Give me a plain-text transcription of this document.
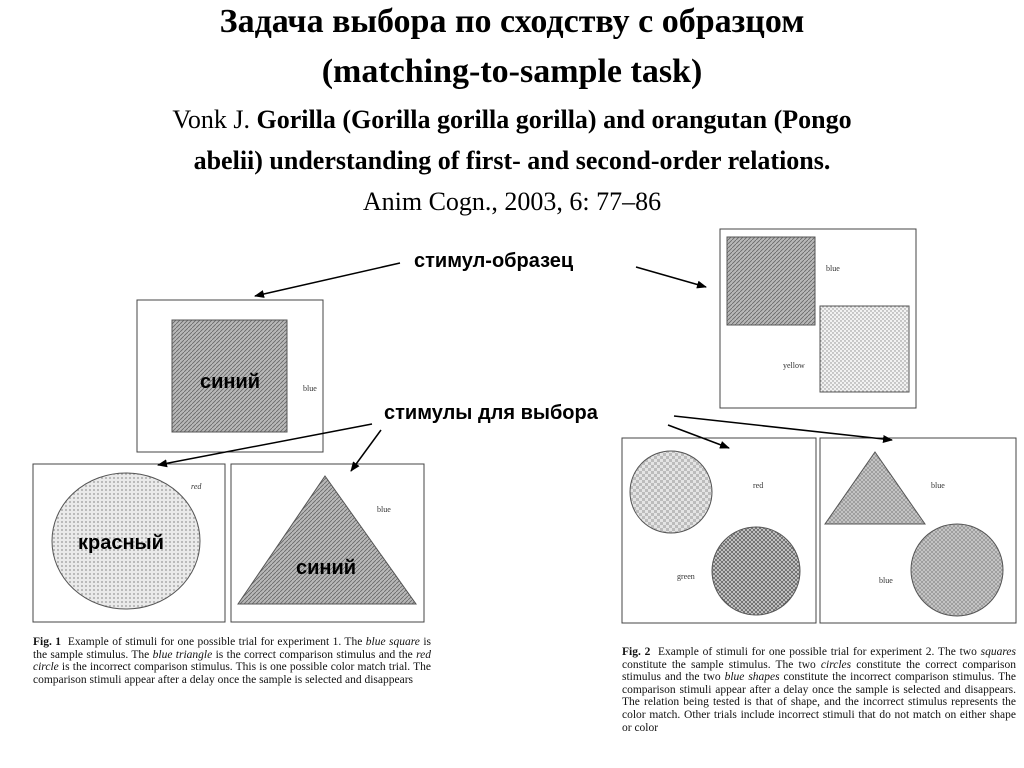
Задача выбора по сходству с образцом
(matching-to-sample task)
Vonk J. Gorilla (Gorilla gorilla gorilla) and orangutan (Pongo
abelii) understanding of first- and second-order relations.
Anim Cogn., 2003, 6: 77–86
blue
red
blue
blue
yellow
red
green
blue
blue
стимул-образец
стимулы для выбора
синий
красный
синий
Fig. 1 Example of stimuli for one possible trial for experiment 1. The blue square is the sample stimulus. The blue triangle is the correct comparison stimulus and the red circle is the incorrect comparison stimulus. This is one possible color match trial. The comparison stimuli appear after a delay once the sample is selected and disappears
Fig. 2 Example of stimuli for one possible trial for experiment 2. The two squares constitute the sample stimulus. The two circles constitute the correct comparison stimulus and the two blue shapes constitute the incorrect comparison stimulus. The comparison stimuli appear after a delay once the sample is selected and disappears. The relation being tested is that of shape, and the incorrect stimulus represents the color match. Other trials include incorrect stimuli that do not match on either shape or color
